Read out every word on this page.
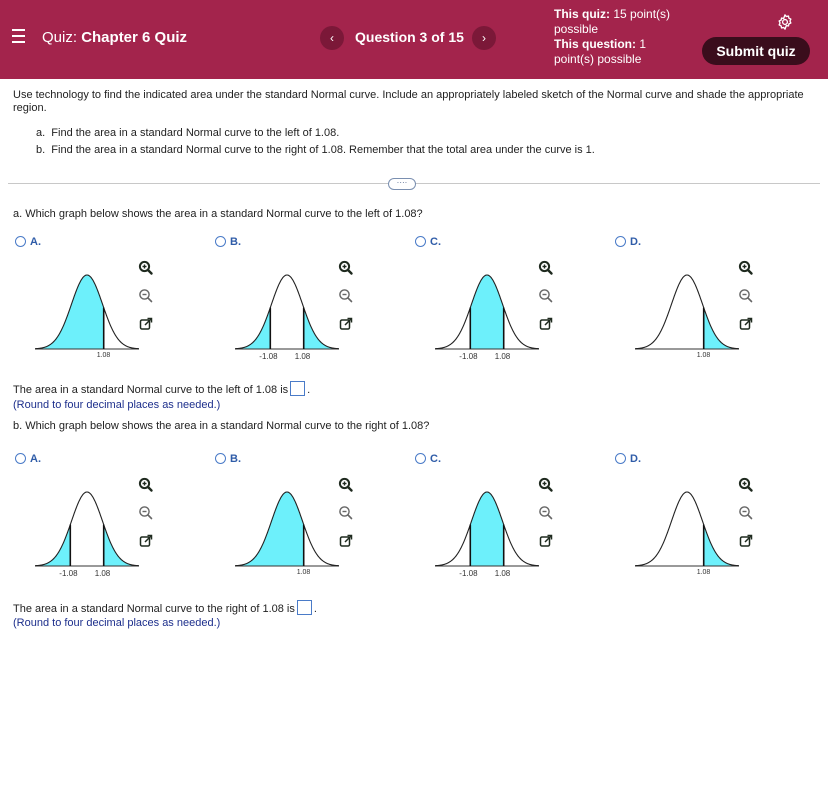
Quiz: Chapter 6 Quiz	‹	Question 3 of 15	›
This quiz: 15 point(s)
possible
This question: 1
point(s) possible	Submit quiz
Use technology to find the indicated area under the standard Normal curve. Include an appropriately labeled sketch of the Normal curve and shade the appropriate region.
a.  Find the area in a standard Normal curve to the left of 1.08.
b.  Find the area in a standard Normal curve to the right of 1.08. Remember that the total area under the curve is 1.
····
a. Which graph below shows the area in a standard Normal curve to the left of 1.08?
A.
1.08
B.
-1.08 1.08
C.
-1.08 1.08
D.
1.08
The area in a standard Normal curve to the left of 1.08 is .
(Round to four decimal places as needed.)
b. Which graph below shows the area in a standard Normal curve to the right of 1.08?
A.
-1.08 1.08
B.
1.08
C.
-1.08 1.08
D.
1.08
The area in a standard Normal curve to the right of 1.08 is .
(Round to four decimal places as needed.)
